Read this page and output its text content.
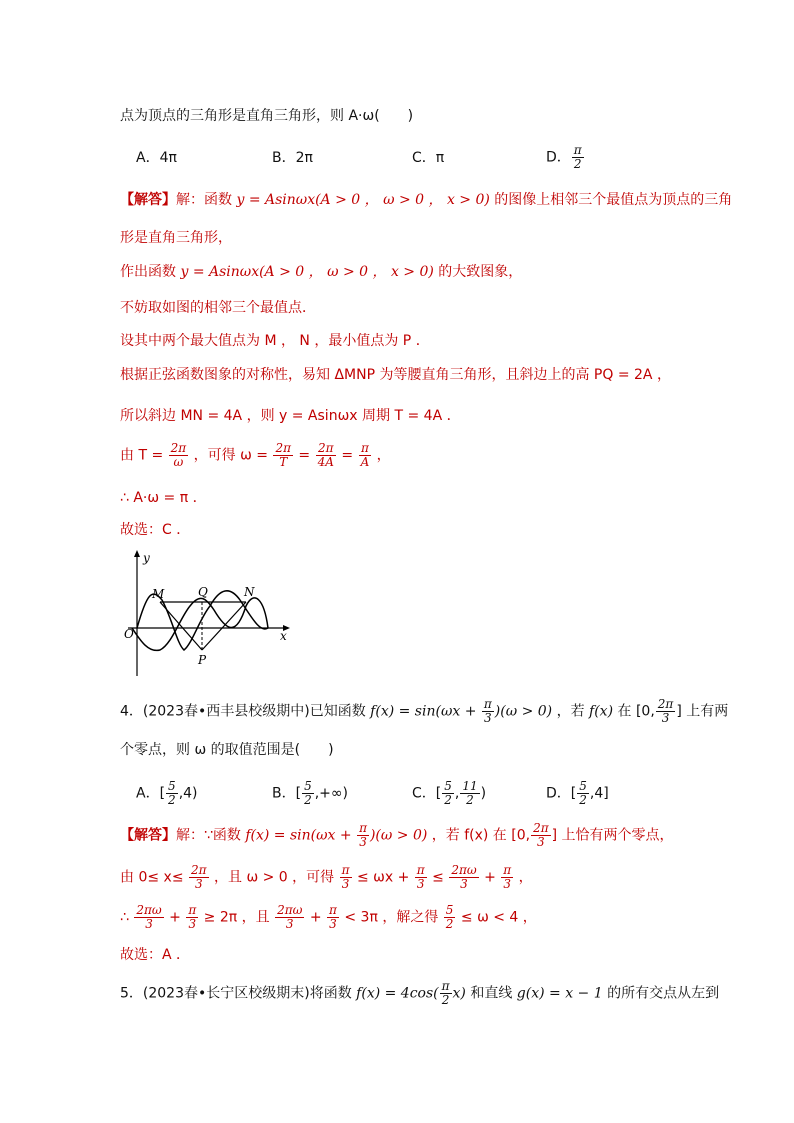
点为顶点的三角形是直角三角形，则 A·ω(　　)
A．4π	B．2π	C．π	D． $\frac{\pi}{2}$
【解答】解：函数 y = Asinωx(A > 0 ， ω > 0 ， x > 0) 的图像上相邻三个最值点为顶点的三角
形是直角三角形，
作出函数 y = Asinωx(A > 0 ， ω > 0 ， x > 0) 的大致图象，
不妨取如图的相邻三个最值点．
设其中两个最大值点为 M ， N ，最小值点为 P ．
根据正弦函数图象的对称性，易知 ΔMNP 为等腰直角三角形，且斜边上的高 PQ = 2A ，
所以斜边 MN = 4A ，则 y = Asinωx 周期 T = 4A ．
由 $T = \frac{2\pi}{\omega}$ ，可得 $\omega = \frac{2\pi}{T} = \frac{2\pi}{4A} = \frac{\pi}{A}$ ，
∴ A·ω = π ．
故选：C ．
y
x
O
M	Q	N
P
4．(2023春•西丰县校级期中)已知函数 $f(x) = \sin(\omega x + \frac{\pi}{3} )(\omega > 0)$ ，若 f(x) 在 [0, $\frac{2\pi}{3}$ ] 上有两
个零点，则 ω 的取值范围是(　　)
A．[ $\frac{5}{2} ,4$)	B．[ $\frac{5}{2}$ ,+∞)	C．[ $\frac{5}{2}$ , $\frac{11}{2}$ )	D．[ $\frac{5}{2} ,4$]
【解答】解：∵函数 $f(x) = \sin(\omega x + \frac{\pi}{3} )(\omega > 0)$ ，若 f(x) 在 [0, $\frac{2\pi}{3}$ ] 上恰有两个零点，
由 $0\le x\le \frac{2\pi}{3}$ ，且 ω > 0 ，可得 $\frac{\pi}{3} \le \omega x + \frac{\pi}{3} \le \frac{2\pi\omega}{3} + \frac{\pi}{3}$ ，
∴ $\frac{2\pi\omega}{3} + \frac{\pi}{3} \ge 2\pi$ ，且 $\frac{2\pi\omega}{3} + \frac{\pi}{3} < 3\pi$ ，解之得 $\frac{5}{2} \le \omega < 4$ ，
故选：A ．
5．(2023春•长宁区校级期末)将函数 $f(x) = 4\cos( \frac{\pi}{2} x)$ 和直线 g(x) = x − 1 的所有交点从左到
